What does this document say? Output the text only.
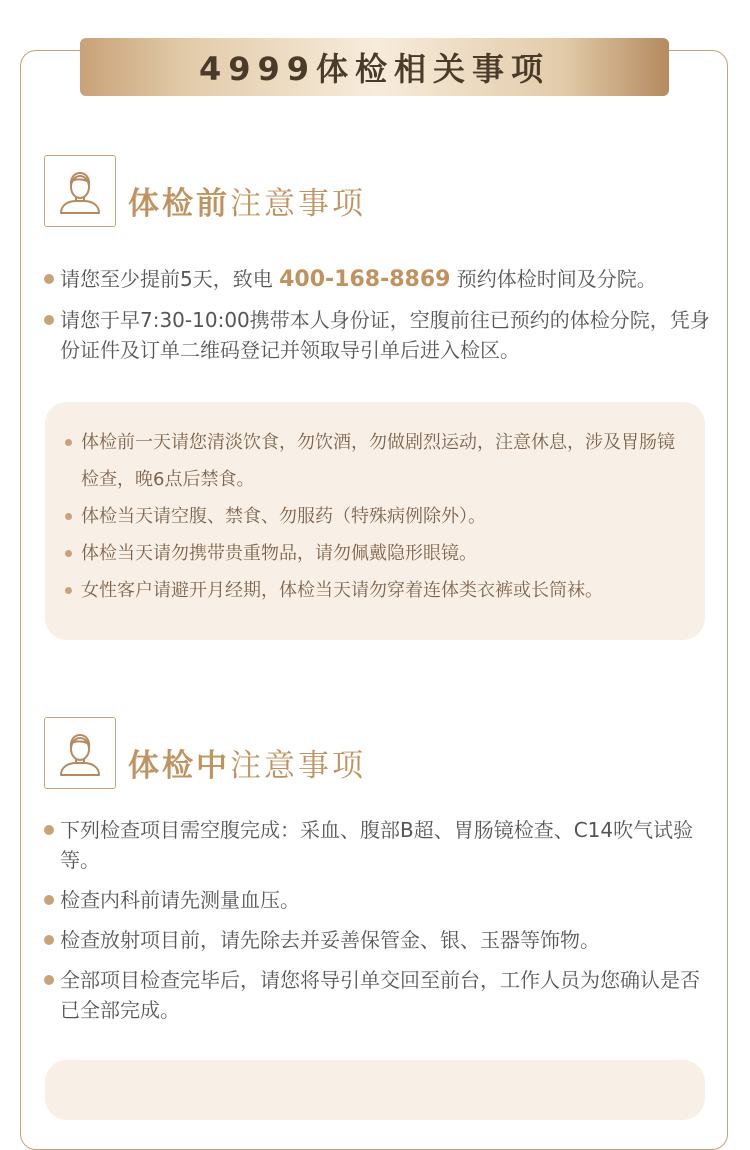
4999体检相关事项
体检前注意事项
请您至少提前5天，致电 400-168-8869 预约体检时间及分院。
请您于早7:30-10:00携带本人身份证，空腹前往已预约的体检分院，凭身份证件及订单二维码登记并领取导引单后进入检区。
体检前一天请您清淡饮食，勿饮酒，勿做剧烈运动，注意休息，涉及胃肠镜检查，晚6点后禁食。
体检当天请空腹、禁食、勿服药（特殊病例除外）。
体检当天请勿携带贵重物品，请勿佩戴隐形眼镜。
女性客户请避开月经期，体检当天请勿穿着连体类衣裤或长筒袜。
体检中注意事项
下列检查项目需空腹完成：采血、腹部B超、胃肠镜检查、C14吹气试验等。
检查内科前请先测量血压。
检查放射项目前，请先除去并妥善保管金、银、玉器等饰物。
全部项目检查完毕后，请您将导引单交回至前台，工作人员为您确认是否已全部完成。
